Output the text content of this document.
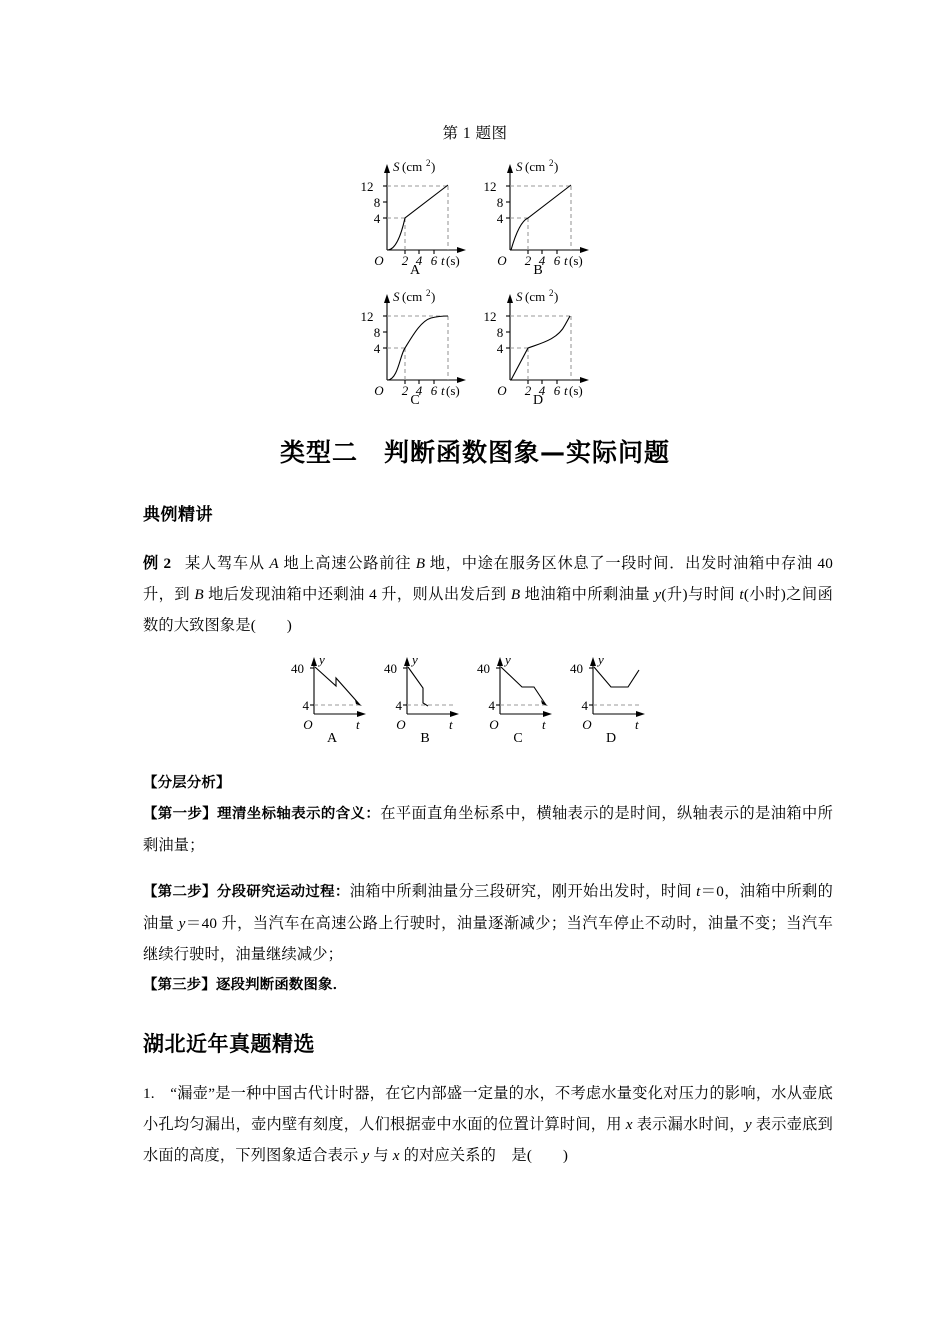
第 1 题图
12
8
4
2 4 6
O
S (cm 2 )
t (s)
A
12
8
4
2 4 6
O
S (cm 2 )
t (s)
B
12
8
4
2 4 6
O
S (cm 2 )
t (s)
C
12
8
4
2 4 6
O
S (cm 2 )
t (s)
D
类型二　判断函数图象—实际问题
典例精讲
例 2 某人驾车从 A 地上高速公路前往 B 地，中途在服务区休息了一段时间．出发时油箱中存油 40 升，到 B 地后发现油箱中还剩油 4 升，则从出发后到 B 地油箱中所剩油量 y(升)与时间 t(小时)之间函数的大致图象是(　　)
40
4
O
y
t
A
40
4
O
y
t
B
40
4
O
y
t
C
40
4
O
y
t
D
【分层分析】
【第一步】理清坐标轴表示的含义：在平面直角坐标系中，横轴表示的是时间，纵轴表示的是油箱中所剩油量；
【第二步】分段研究运动过程：油箱中所剩油量分三段研究，刚开始出发时，时间 t＝0，油箱中所剩的油量 y＝40 升，当汽车在高速公路上行驶时，油量逐渐减少；当汽车停止不动时，油量不变；当汽车继续行驶时，油量继续减少；
【第三步】逐段判断函数图象．
湖北近年真题精选
1.　“漏壶”是一种中国古代计时器，在它内部盛一定量的水，不考虑水量变化对压力的影响，水从壶底小孔均匀漏出，壶内壁有刻度，人们根据壶中水面的位置计算时间，用 x 表示漏水时间，y 表示壶底到水面的高度，下列图象适合表示 y 与 x 的对应关系的　是(　　)
